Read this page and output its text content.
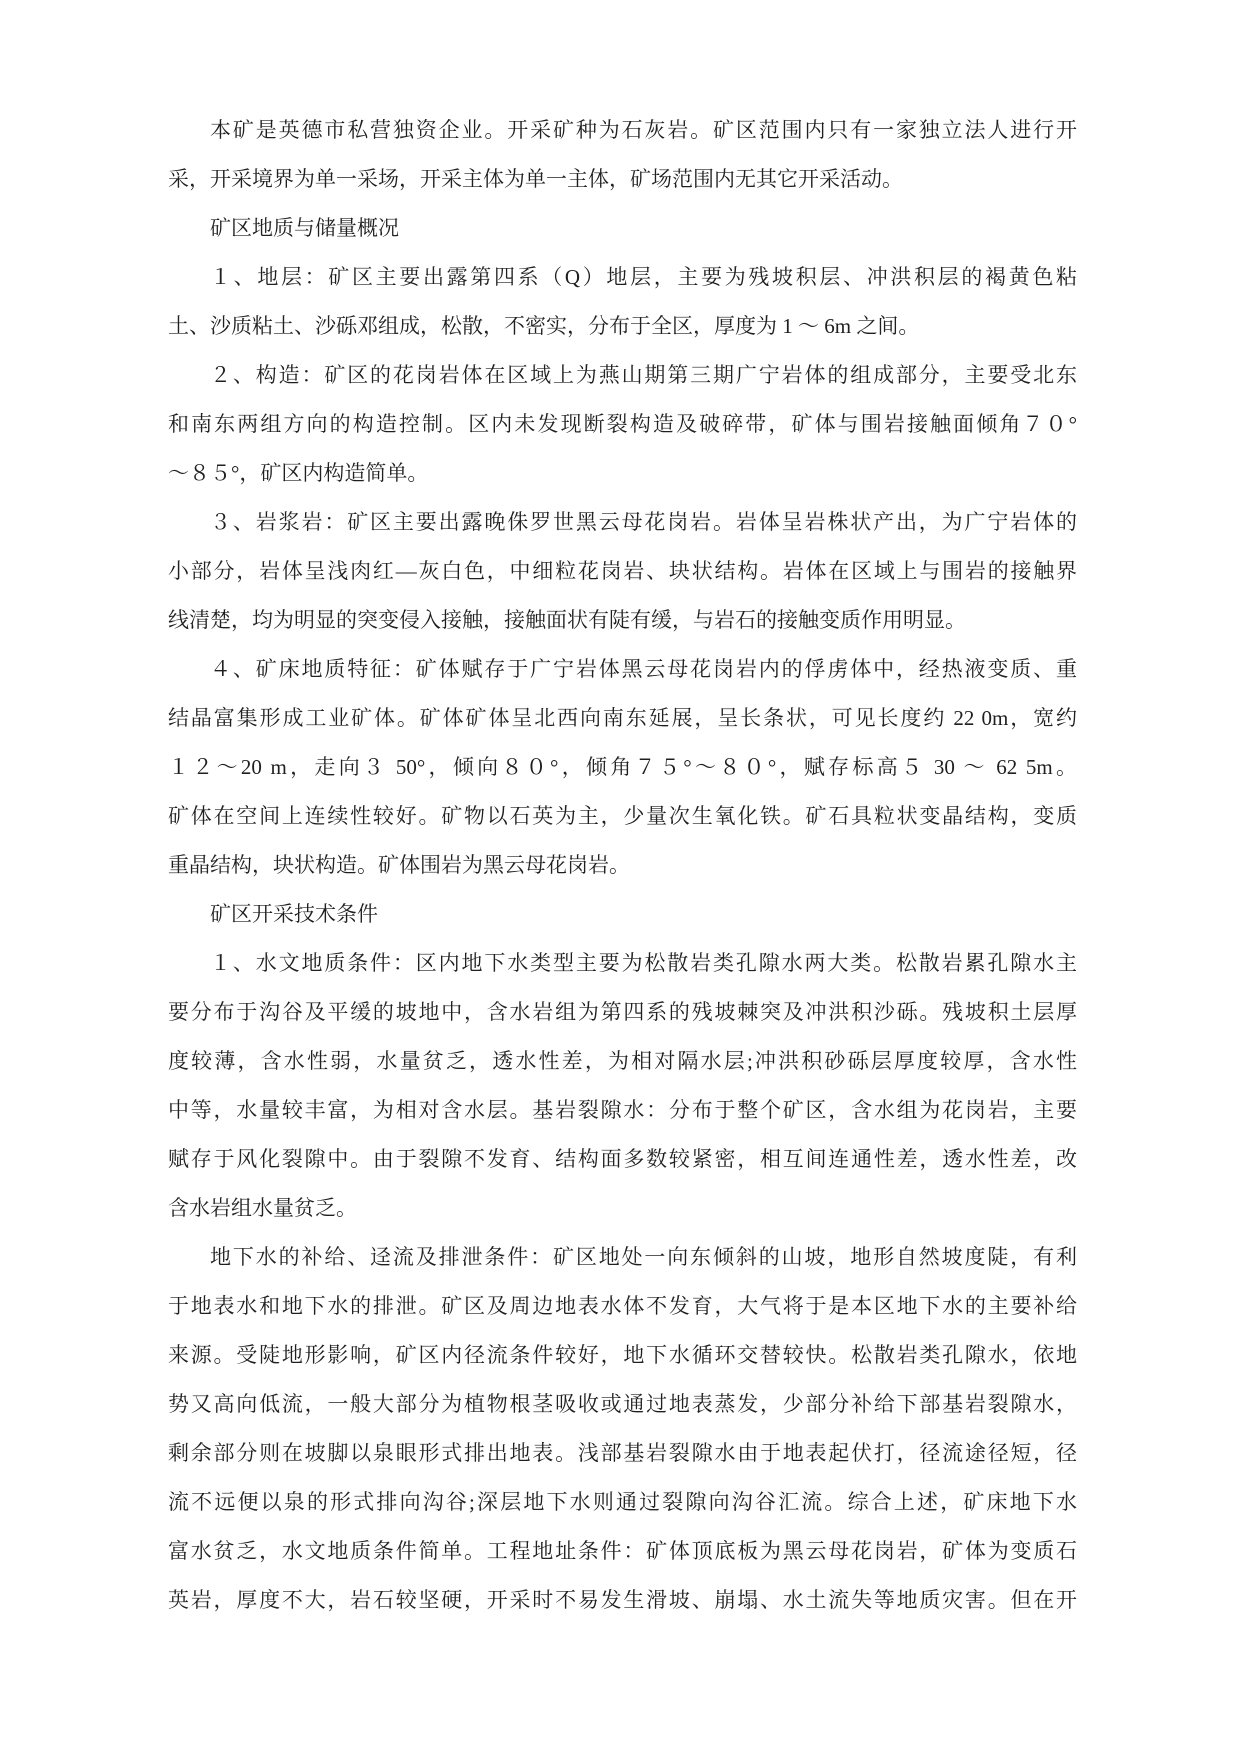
本矿是英德市私营独资企业。开采矿种为石灰岩。矿区范围内只有一家独立法人进行开
采，开采境界为单一采场，开采主体为单一主体，矿场范围内无其它开采活动。
矿区地质与储量概况
１、地层：矿区主要出露第四系（Q）地层，主要为残坡积层、冲洪积层的褐黄色粘
土、沙质粘土、沙砾邓组成，松散，不密实，分布于全区，厚度为 1 ～ 6m 之间。
２、构造：矿区的花岗岩体在区域上为燕山期第三期广宁岩体的组成部分，主要受北东
和南东两组方向的构造控制。区内未发现断裂构造及破碎带，矿体与围岩接触面倾角７０°
～８５°，矿区内构造简单。
３、岩浆岩：矿区主要出露晚侏罗世黑云母花岗岩。岩体呈岩株状产出，为广宁岩体的
小部分，岩体呈浅肉红—灰白色，中细粒花岗岩、块状结构。岩体在区域上与围岩的接触界
线清楚，均为明显的突变侵入接触，接触面状有陡有缓，与岩石的接触变质作用明显。
４、矿床地质特征：矿体赋存于广宁岩体黑云母花岗岩内的俘虏体中，经热液变质、重
结晶富集形成工业矿体。矿体矿体呈北西向南东延展，呈长条状，可见长度约 22 0m，宽约
１２～20 m，走向３ 50°，倾向８０°，倾角７５°～８０°，赋存标高５ 30 ～ 62 5m。
矿体在空间上连续性较好。矿物以石英为主，少量次生氧化铁。矿石具粒状变晶结构，变质
重晶结构，块状构造。矿体围岩为黑云母花岗岩。
矿区开采技术条件
１、水文地质条件：区内地下水类型主要为松散岩类孔隙水两大类。松散岩累孔隙水主
要分布于沟谷及平缓的坡地中，含水岩组为第四系的残坡棘突及冲洪积沙砾。残坡积土层厚
度较薄，含水性弱，水量贫乏，透水性差，为相对隔水层;冲洪积砂砾层厚度较厚，含水性
中等，水量较丰富，为相对含水层。基岩裂隙水：分布于整个矿区，含水组为花岗岩，主要
赋存于风化裂隙中。由于裂隙不发育、结构面多数较紧密，相互间连通性差，透水性差，改
含水岩组水量贫乏。
地下水的补给、迳流及排泄条件：矿区地处一向东倾斜的山坡，地形自然坡度陡，有利
于地表水和地下水的排泄。矿区及周边地表水体不发育，大气将于是本区地下水的主要补给
来源。受陡地形影响，矿区内径流条件较好，地下水循环交替较快。松散岩类孔隙水，依地
势又高向低流，一般大部分为植物根茎吸收或通过地表蒸发，少部分补给下部基岩裂隙水，
剩余部分则在坡脚以泉眼形式排出地表。浅部基岩裂隙水由于地表起伏打，径流途径短，径
流不远便以泉的形式排向沟谷;深层地下水则通过裂隙向沟谷汇流。综合上述，矿床地下水
富水贫乏，水文地质条件简单。工程地址条件：矿体顶底板为黑云母花岗岩，矿体为变质石
英岩，厚度不大，岩石较坚硬，开采时不易发生滑坡、崩塌、水土流失等地质灾害。但在开
